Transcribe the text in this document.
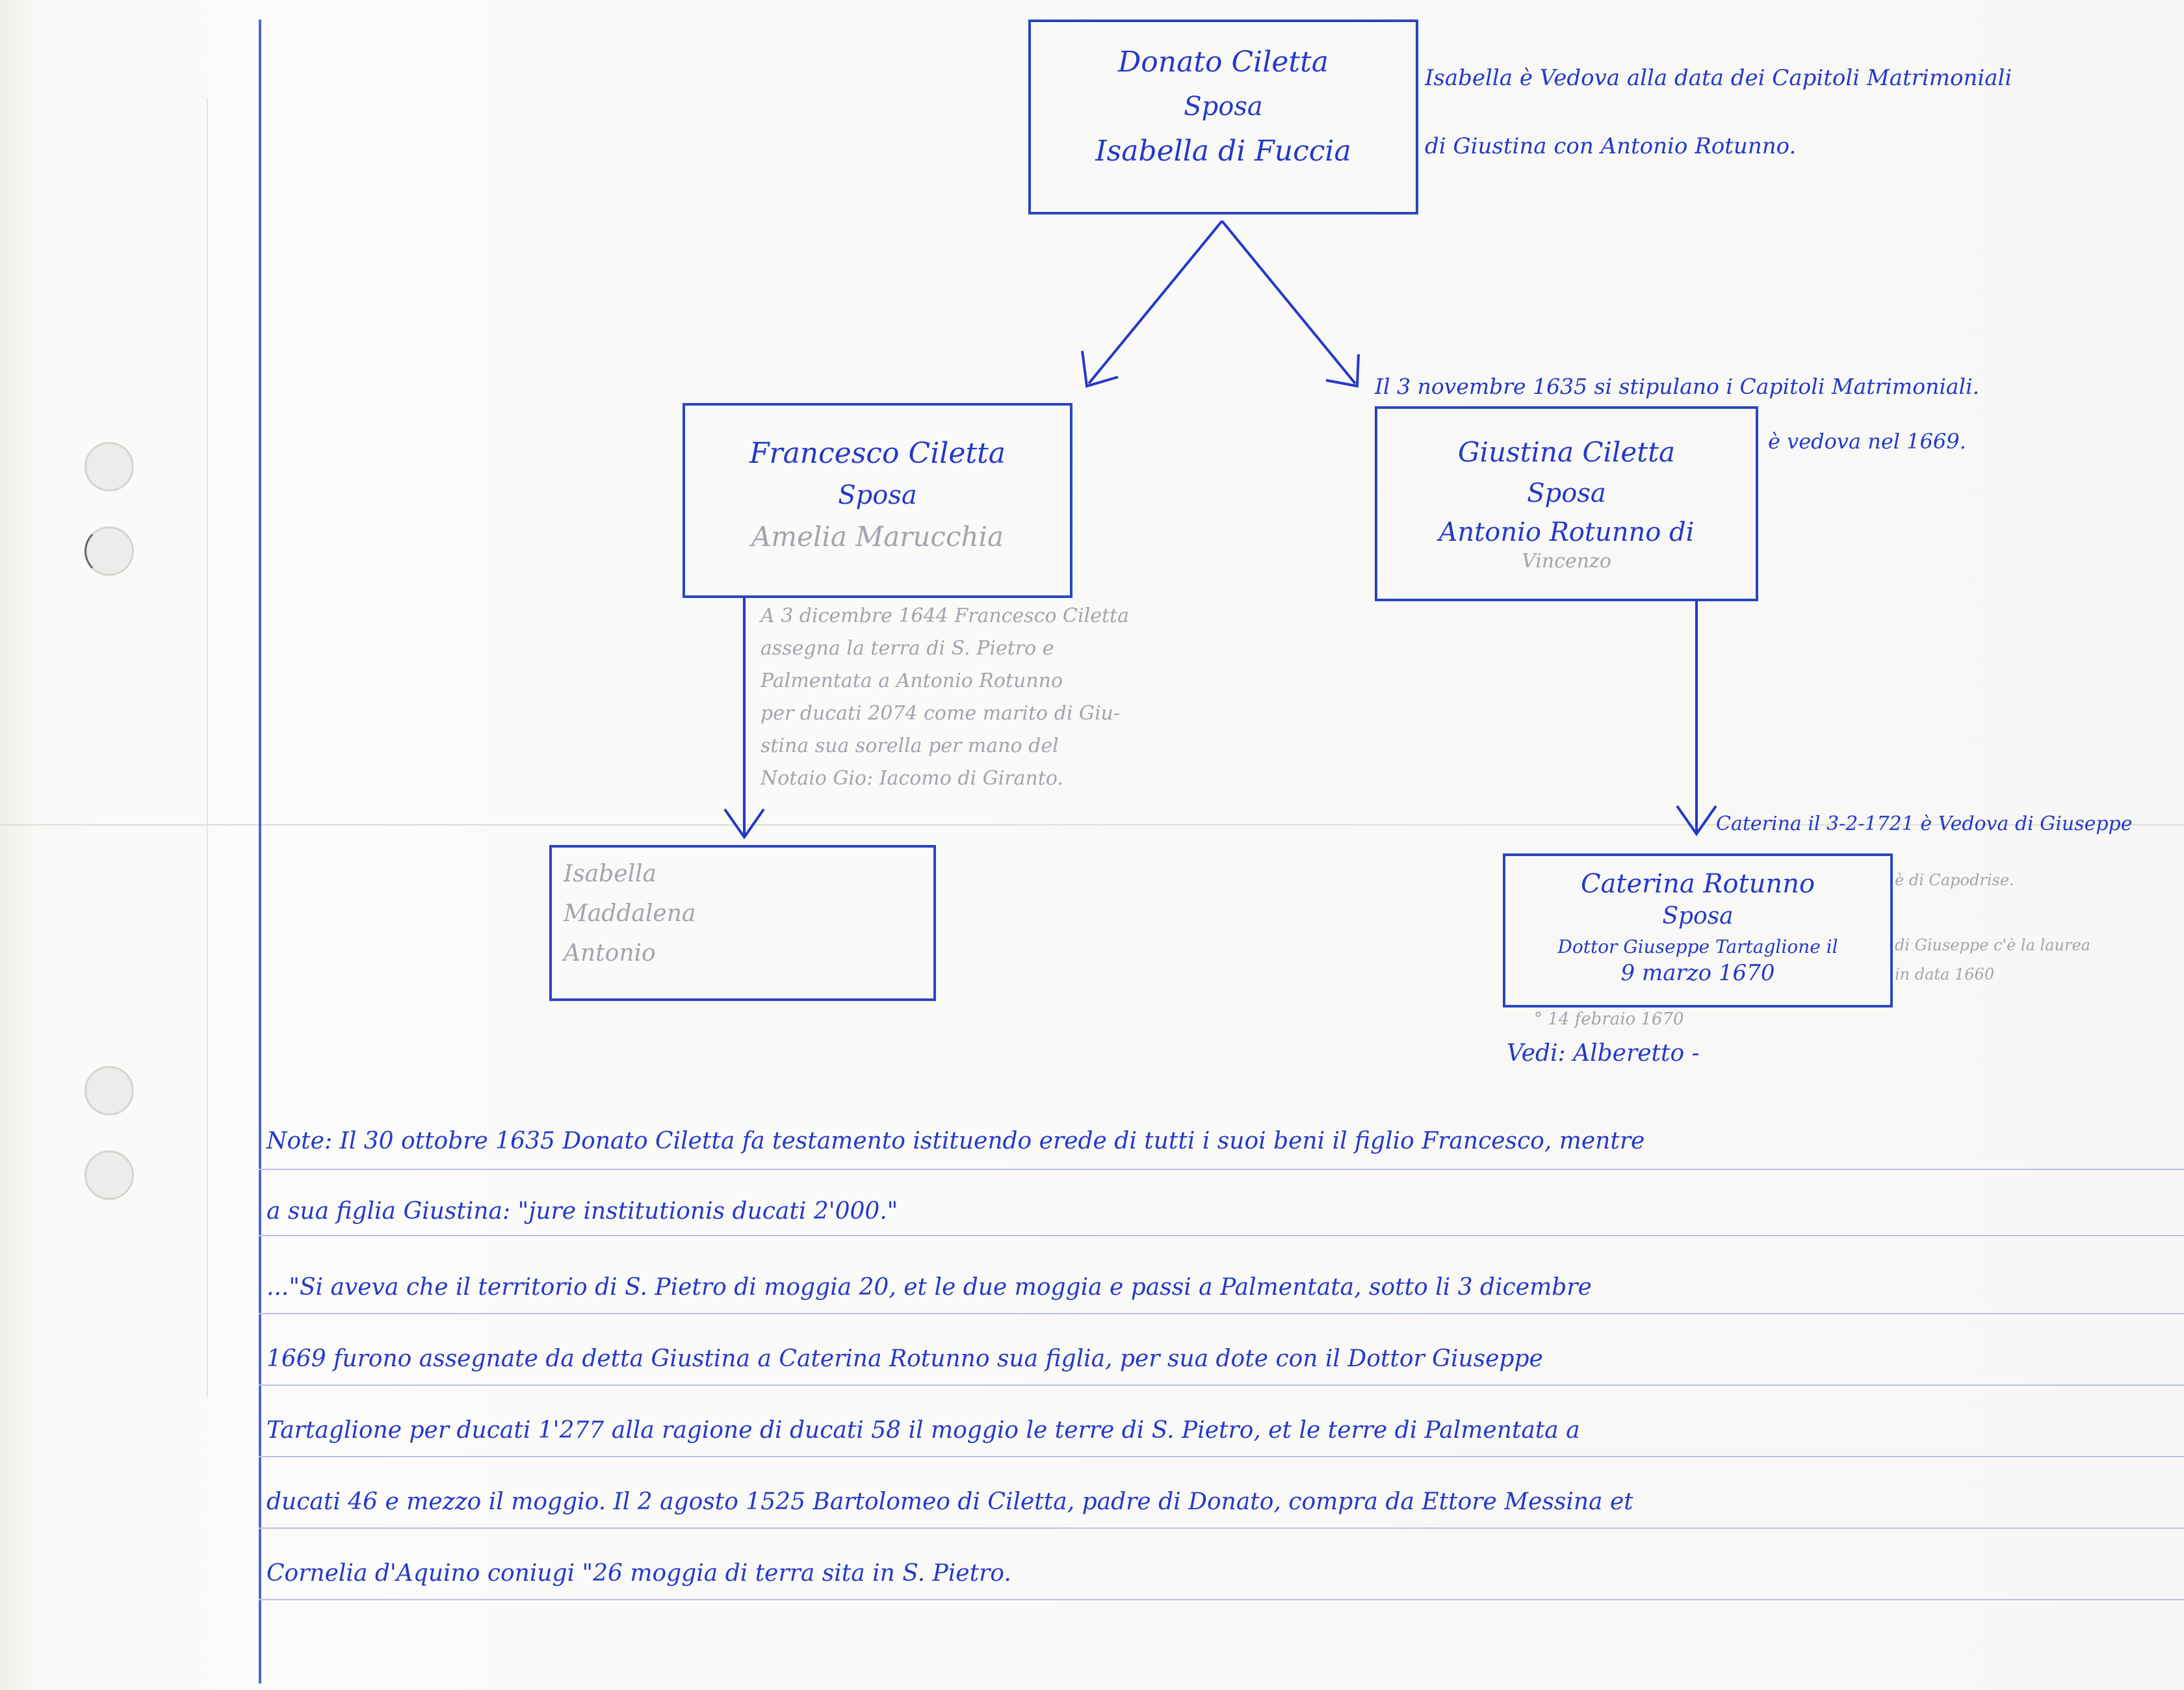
Donato Ciletta
Sposa
Isabella di Fuccia
Isabella è Vedova alla data dei Capitoli Matrimoniali
di Giustina con Antonio Rotunno.
Francesco Ciletta
Sposa
Amelia Marucchia
A 3 dicembre 1644 Francesco Ciletta
assegna la terra di S. Pietro e
Palmentata a Antonio Rotunno
per ducati 2074 come marito di Giu-
stina sua sorella per mano del
Notaio Gio: Iacomo di Giranto.
Isabella
Maddalena
Antonio
Giustina Ciletta
Sposa
Antonio Rotunno di
Vincenzo
Il 3 novembre 1635 si stipulano i Capitoli Matrimoniali.
è vedova nel 1669.
Caterina il 3-2-1721 è Vedova di Giuseppe
Caterina Rotunno
Sposa
Dottor Giuseppe Tartaglione il
9 marzo 1670
° 14 febraio 1670
è di Capodrise.
di Giuseppe c'è la laurea
in data 1660
Vedi: Alberetto -
Note: Il 30 ottobre 1635 Donato Ciletta fa testamento istituendo erede di tutti i suoi beni il figlio Francesco, mentre
a sua figlia Giustina: "jure institutionis ducati 2'000."
..."Si aveva che il territorio di S. Pietro di moggia 20, et le due moggia e passi a Palmentata, sotto li 3 dicembre
1669 furono assegnate da detta Giustina a Caterina Rotunno sua figlia, per sua dote con il Dottor Giuseppe
Tartaglione per ducati 1'277 alla ragione di ducati 58 il moggio le terre di S. Pietro, et le terre di Palmentata a
ducati 46 e mezzo il moggio. Il 2 agosto 1525 Bartolomeo di Ciletta, padre di Donato, compra da Ettore Messina et
Cornelia d'Aquino coniugi "26 moggia di terra sita in S. Pietro.
